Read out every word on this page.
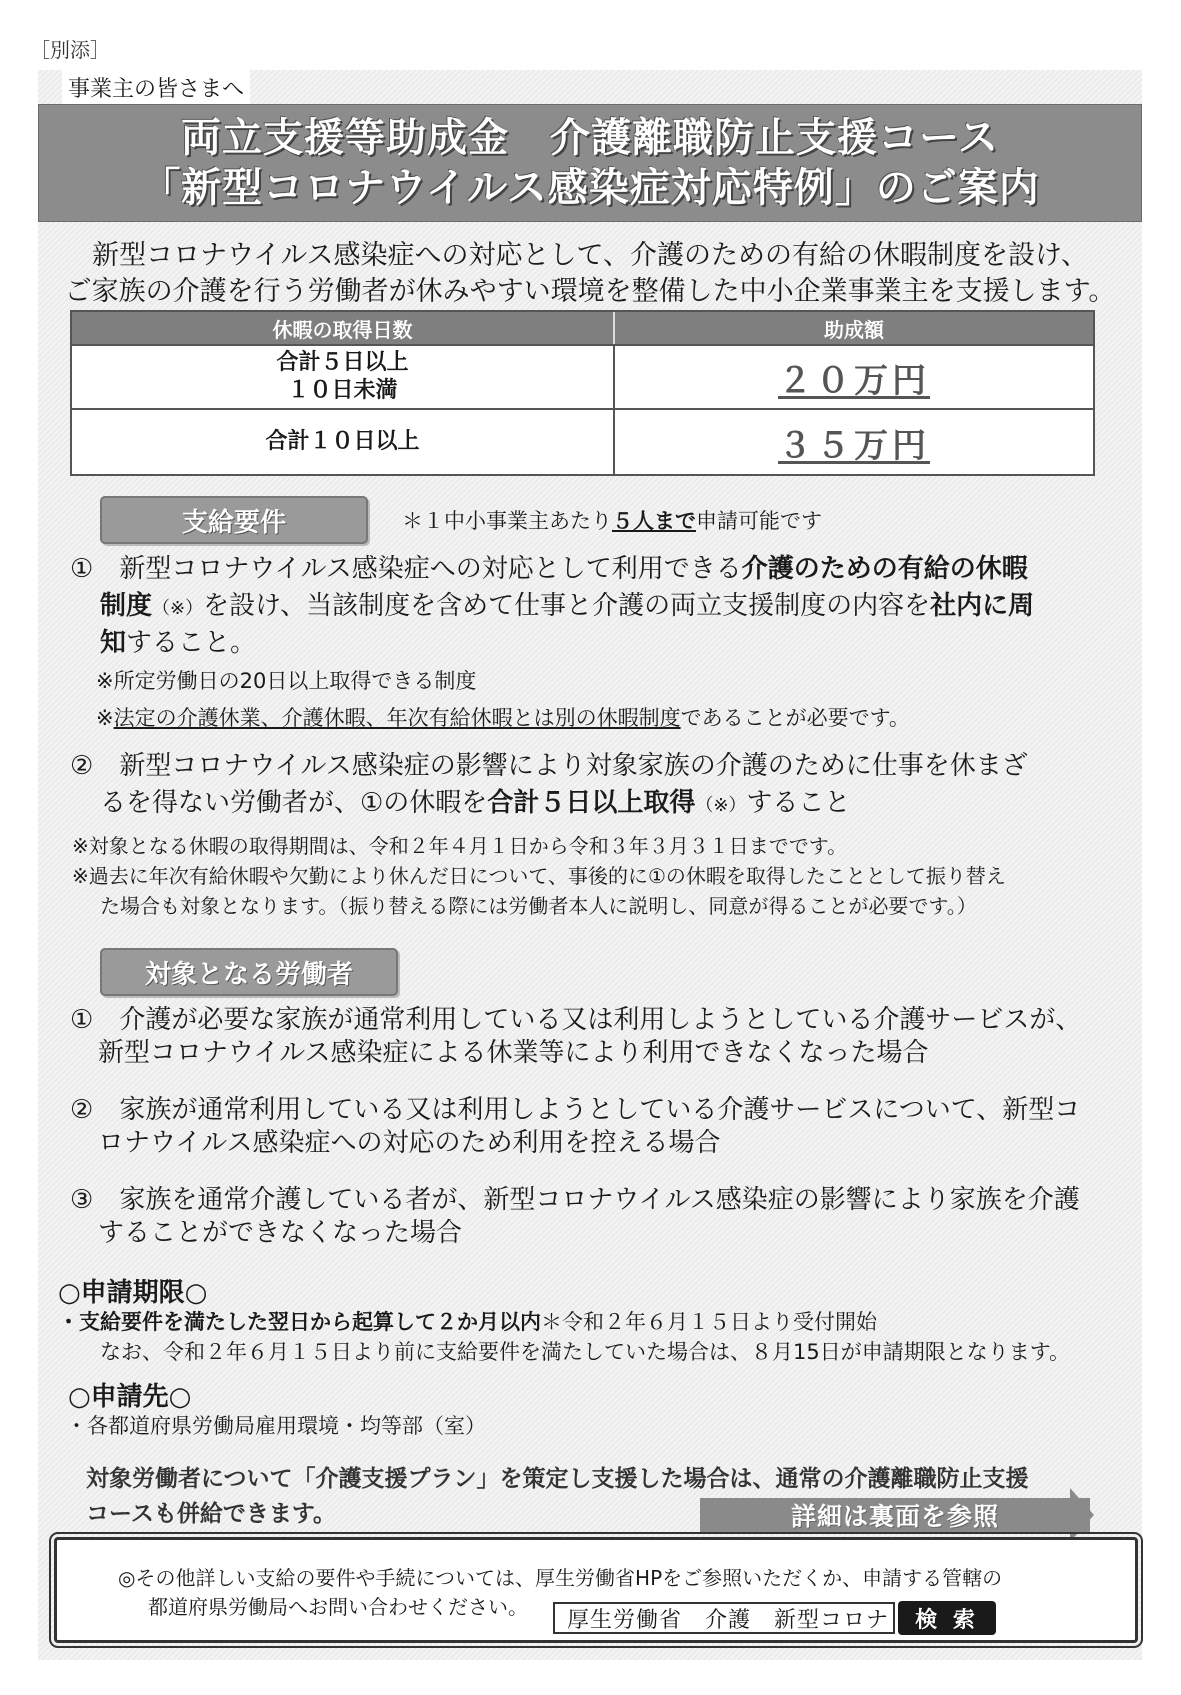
［別添］
事業主の皆さまへ
両立支援等助成金　介護離職防止支援コース
「新型コロナウイルス感染症対応特例」のご案内
新型コロナウイルス感染症への対応として、介護のための有給の休暇制度を設け、
ご家族の介護を行う労働者が休みやすい環境を整備した中小企業事業主を支援します。
休暇の取得日数	助成額
合計５日以上
１０日未満	２０万円
合計１０日以上	３５万円
支給要件	＊１中小事業主あたり５人まで申請可能です
①　 新型コロナウイルス感染症への対応として利用できる介護のための有給の休暇
制度（※）を設け、当該制度を含めて仕事と介護の両立支援制度の内容を社内に周
知すること。
※所定労働日の20日以上取得できる制度
※法定の介護休業、介護休暇、年次有給休暇とは別の休暇制度であることが必要です。
②　 新型コロナウイルス感染症の影響により対象家族の介護のために仕事を休まざ
るを得ない労働者が、①の休暇を合計５日以上取得（※）すること
※対象となる休暇の取得期間は、令和２年４月１日から令和３年３月３１日までです。
※過去に年次有給休暇や欠勤により休んだ日について、事後的に①の休暇を取得したこととして振り替え
た場合も対象となります。（振り替える際には労働者本人に説明し、同意が得ることが必要です。）
対象となる労働者
①　 介護が必要な家族が通常利用している又は利用しようとしている介護サービスが、
新型コロナウイルス感染症による休業等により利用できなくなった場合
②　 家族が通常利用している又は利用しようとしている介護サービスについて、新型コ
ロナウイルス感染症への対応のため利用を控える場合
③　 家族を通常介護している者が、新型コロナウイルス感染症の影響により家族を介護
することができなくなった場合
○申請期限○
・支給要件を満たした翌日から起算して２か月以内＊令和２年６月１５日より受付開始
なお、令和２年６月１５日より前に支給要件を満たしていた場合は、８月15日が申請期限となります。
○申請先○
・各都道府県労働局雇用環境・均等部（室）
対象労働者について「介護支援プラン」を策定し支援した場合は、通常の介護離職防止支援
コースも併給できます。	詳細は裏面を参照
◎その他詳しい支給の要件や手続については、厚生労働省HPをご参照いただくか、申請する管轄の
都道府県労働局へお問い合わせください。
厚生労働省　介護　新型コロナ	検 索
